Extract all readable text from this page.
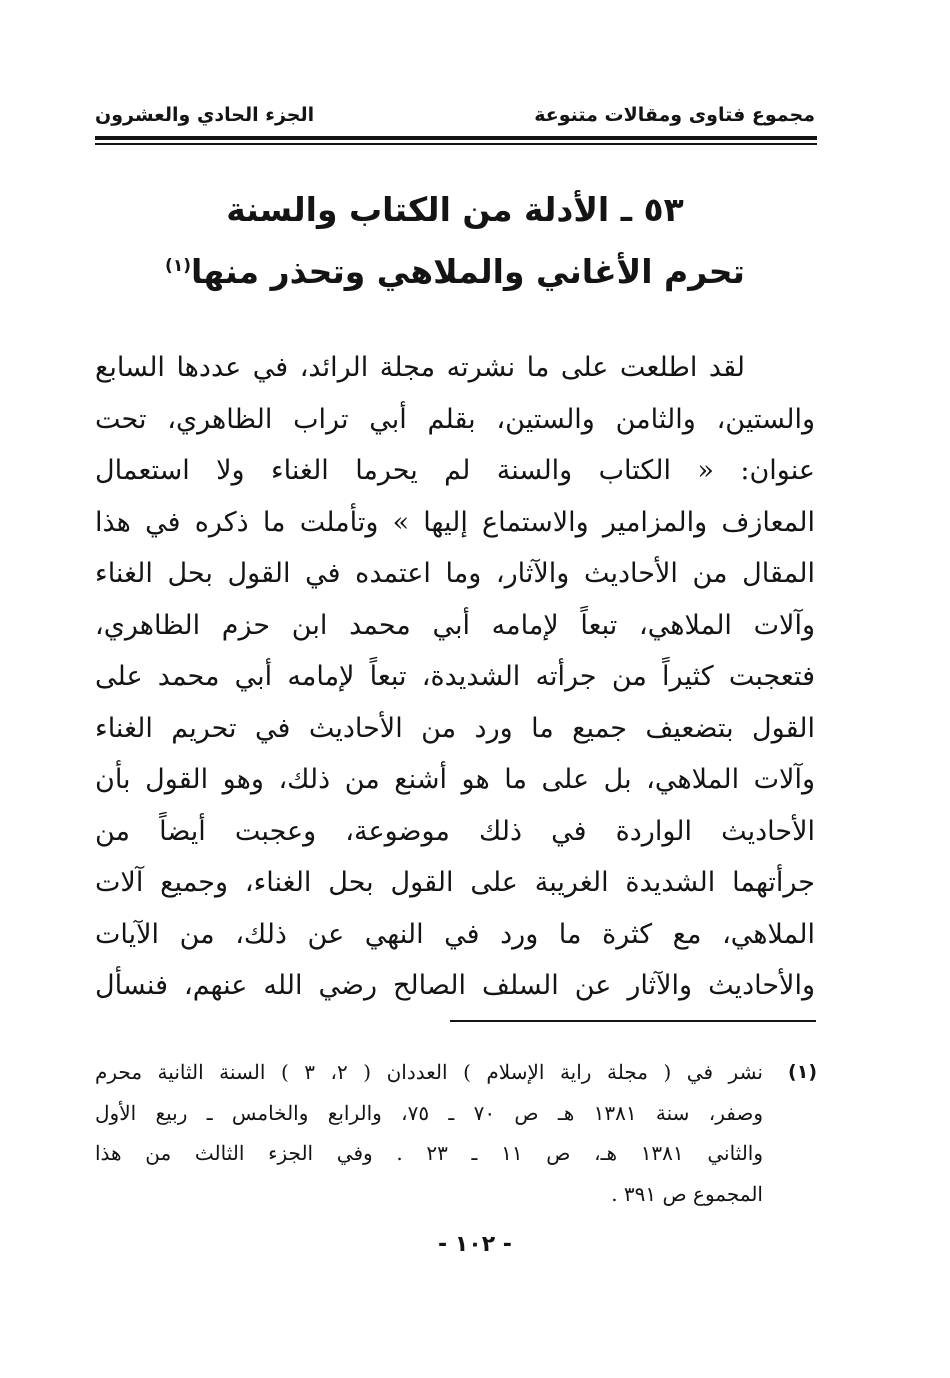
مجموع فتاوى ومقالات متنوعة
الجزء الحادي والعشرون
٥٣ ـ الأدلة من الكتاب والسنة
تحرم الأغاني والملاهي وتحذر منها$^{(١)}$
لقد اطلعت على ما نشرته مجلة الرائد، في عددها السابع
والستين، والثامن والستين، بقلم أبي تراب الظاهري، تحت
عنوان: « الكتاب والسنة لم يحرما الغناء ولا استعمال
المعازف والمزامير والاستماع إليها » وتأملت ما ذكره في هذا
المقال من الأحاديث والآثار، وما اعتمده في القول بحل الغناء
وآلات الملاهي، تبعاً لإمامه أبي محمد ابن حزم الظاهري،
فتعجبت كثيراً من جرأته الشديدة، تبعاً لإمامه أبي محمد على
القول بتضعيف جميع ما ورد من الأحاديث في تحريم الغناء
وآلات الملاهي، بل على ما هو أشنع من ذلك، وهو القول بأن
الأحاديث الواردة في ذلك موضوعة، وعجبت أيضاً من
جرأتهما الشديدة الغريبة على القول بحل الغناء، وجميع آلات
الملاهي، مع كثرة ما ورد في النهي عن ذلك، من الآيات
والأحاديث والآثار عن السلف الصالح رضي الله عنهم، فنسأل
(١)
نشر في ( مجلة راية الإسلام ) العددان ( ٢، ٣ ) السنة الثانية محرم
وصفر، سنة ١٣٨١ هـ ص ٧٠ ـ ٧٥، والرابع والخامس ـ ربيع الأول
والثاني ١٣٨١ هـ، ص ١١ ـ ٢٣ . وفي الجزء الثالث من هذا
المجموع ص ٣٩١ .
- ١٠٢ -
